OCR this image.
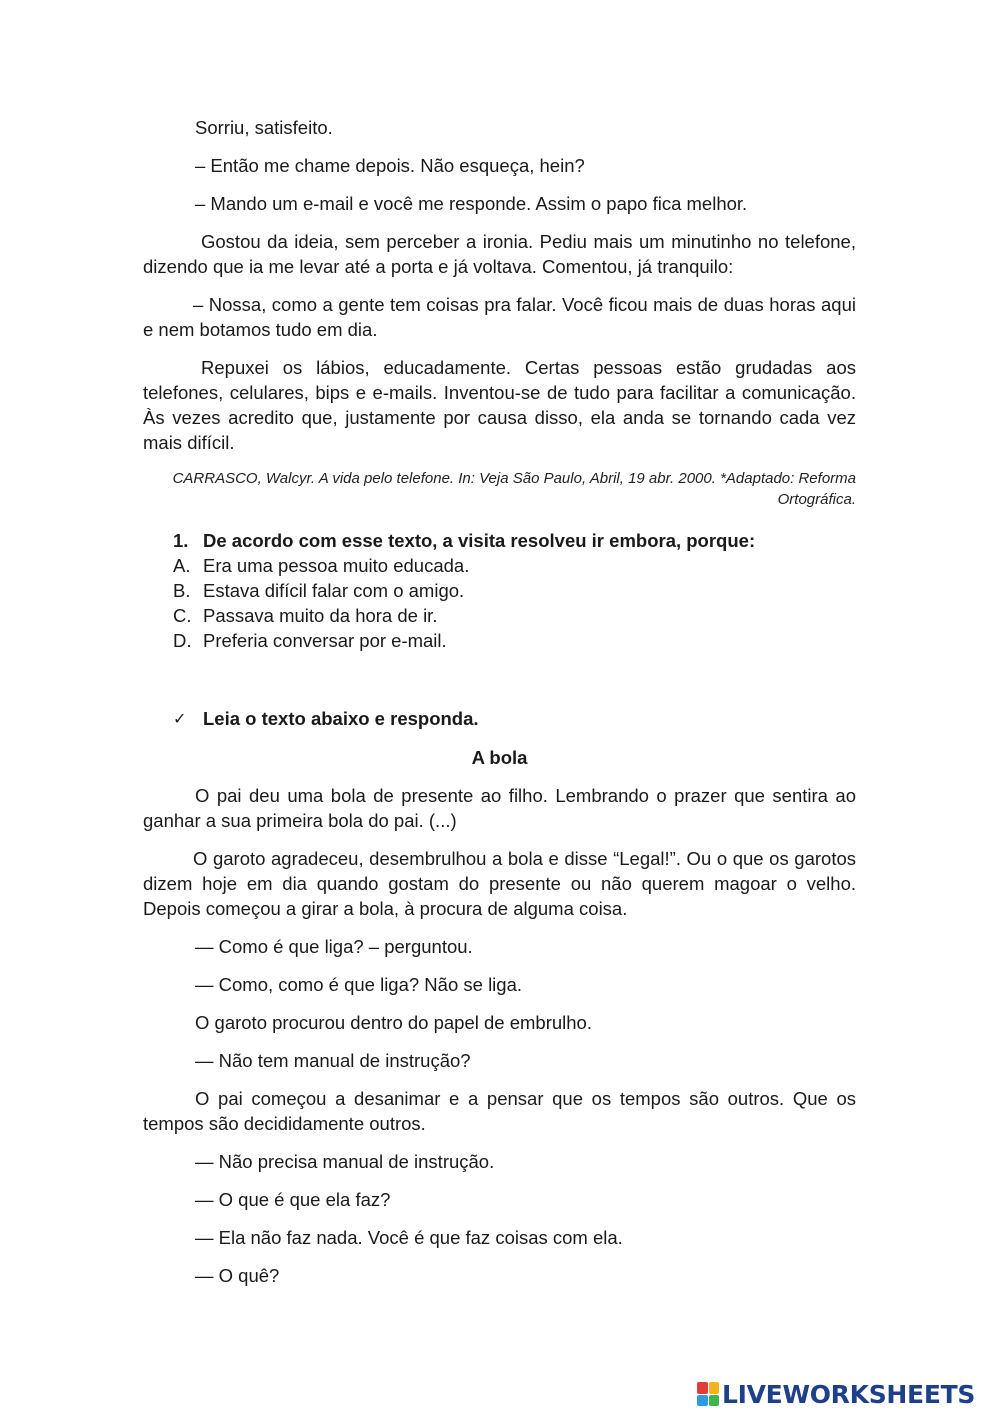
Sorriu, satisfeito.

– Então me chame depois. Não esqueça, hein?

– Mando um e-mail e você me responde. Assim o papo fica melhor.

Gostou da ideia, sem perceber a ironia. Pediu mais um minutinho no telefone, dizendo que ia me levar até a porta e já voltava. Comentou, já tranquilo:

– Nossa, como a gente tem coisas pra falar. Você ficou mais de duas horas aqui e nem botamos tudo em dia.

Repuxei os lábios, educadamente. Certas pessoas estão grudadas aos telefones, celulares, bips e e-mails. Inventou-se de tudo para facilitar a comunicação. Às vezes acredito que, justamente por causa disso, ela anda se tornando cada vez mais difícil.

CARRASCO, Walcyr. A vida pelo telefone. In: Veja São Paulo, Abril, 19 abr. 2000. *Adaptado: Reforma Ortográfica.

1. De acordo com esse texto, a visita resolveu ir embora, porque:
A. Era uma pessoa muito educada.
B. Estava difícil falar com o amigo.
C. Passava muito da hora de ir.
D. Preferia conversar por e-mail.
✓ Leia o texto abaixo e responda.
A bola

O pai deu uma bola de presente ao filho. Lembrando o prazer que sentira ao ganhar a sua primeira bola do pai. (...)

O garoto agradeceu, desembrulhou a bola e disse “Legal!”. Ou o que os garotos dizem hoje em dia quando gostam do presente ou não querem magoar o velho. Depois começou a girar a bola, à procura de alguma coisa.

— Como é que liga? – perguntou.

— Como, como é que liga? Não se liga.

O garoto procurou dentro do papel de embrulho.

— Não tem manual de instrução?

O pai começou a desanimar e a pensar que os tempos são outros. Que os tempos são decididamente outros.

— Não precisa manual de instrução.

— O que é que ela faz?

— Ela não faz nada. Você é que faz coisas com ela.

— O quê?

LIVEWORKSHEETS
